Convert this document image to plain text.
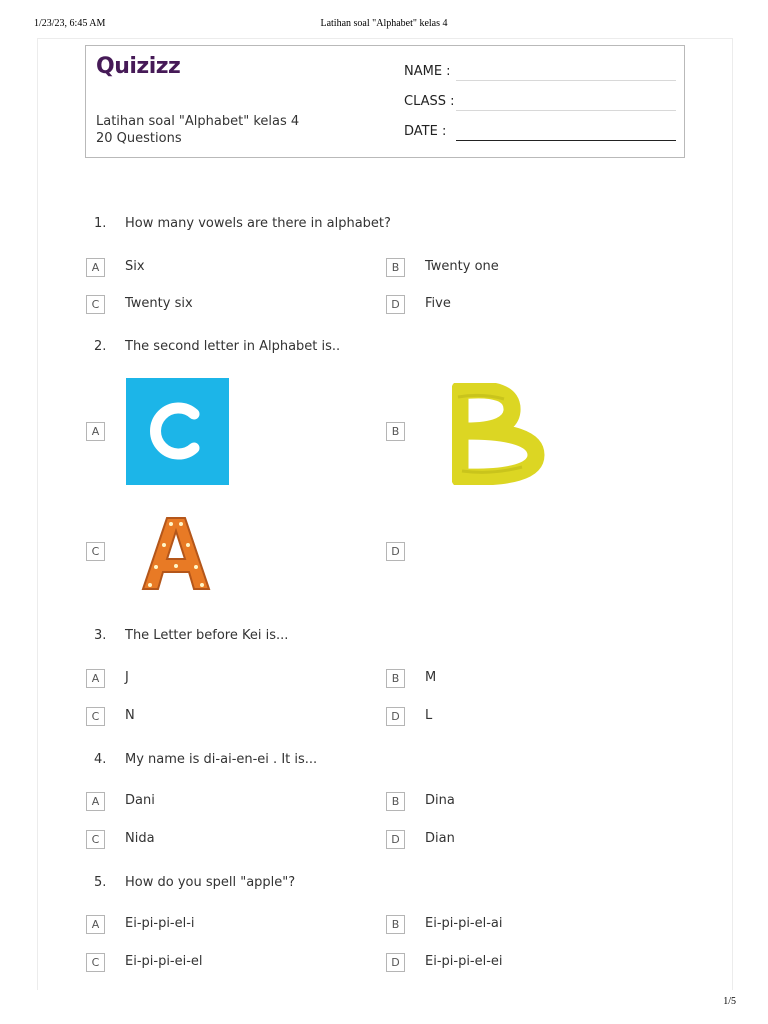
1/23/23, 6:45 AM	Latihan soal "Alphabet" kelas 4
Quizizz
Latihan soal "Alphabet" kelas 4 20 Questions
NAME :
CLASS :
DATE :
1. How many vowels are there in alphabet?
A	Six	B	Twenty one
C	Twenty six	D	Five
2. The second letter in Alphabet is..
A	B
C	D
3. The Letter before Kei is...
A	J	B	M
C	N	D	L
4. My name is di-ai-en-ei . It is...
A	Dani	B	Dina
C	Nida	D	Dian
5. How do you spell "apple"?
A	Ei-pi-pi-el-i	B	Ei-pi-pi-el-ai
C	Ei-pi-pi-ei-el	D	Ei-pi-pi-el-ei
1/5
